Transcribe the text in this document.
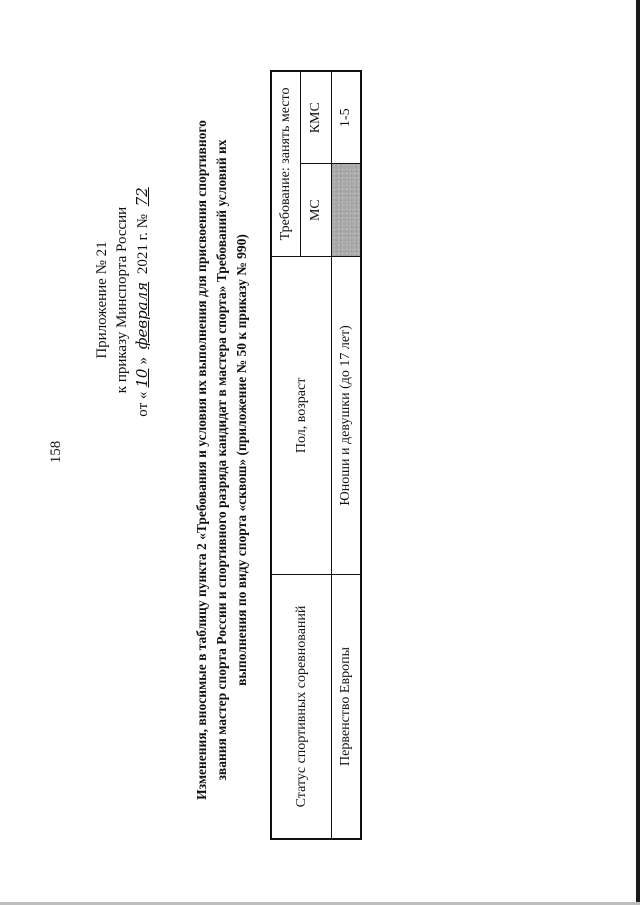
158
Приложение № 21 к приказу Минспорта России
от «10» февраля 2021 г. № 72	Изменения, вносимые в таблицу пункта 2 «Требования и условия их выполнения для присвоения спортивного звания мастер спорта России и спортивного разряда кандидат в мастера спорта» Требований условий их выполнения по виду спорта «сквош» (приложение № 50 к приказу № 990)
Статус спортивных соревнований	Пол, возраст	Требование: занять место	
		МС	КМС
Первенство Европы	Юноши и девушки (до 17 лет)		1-5
